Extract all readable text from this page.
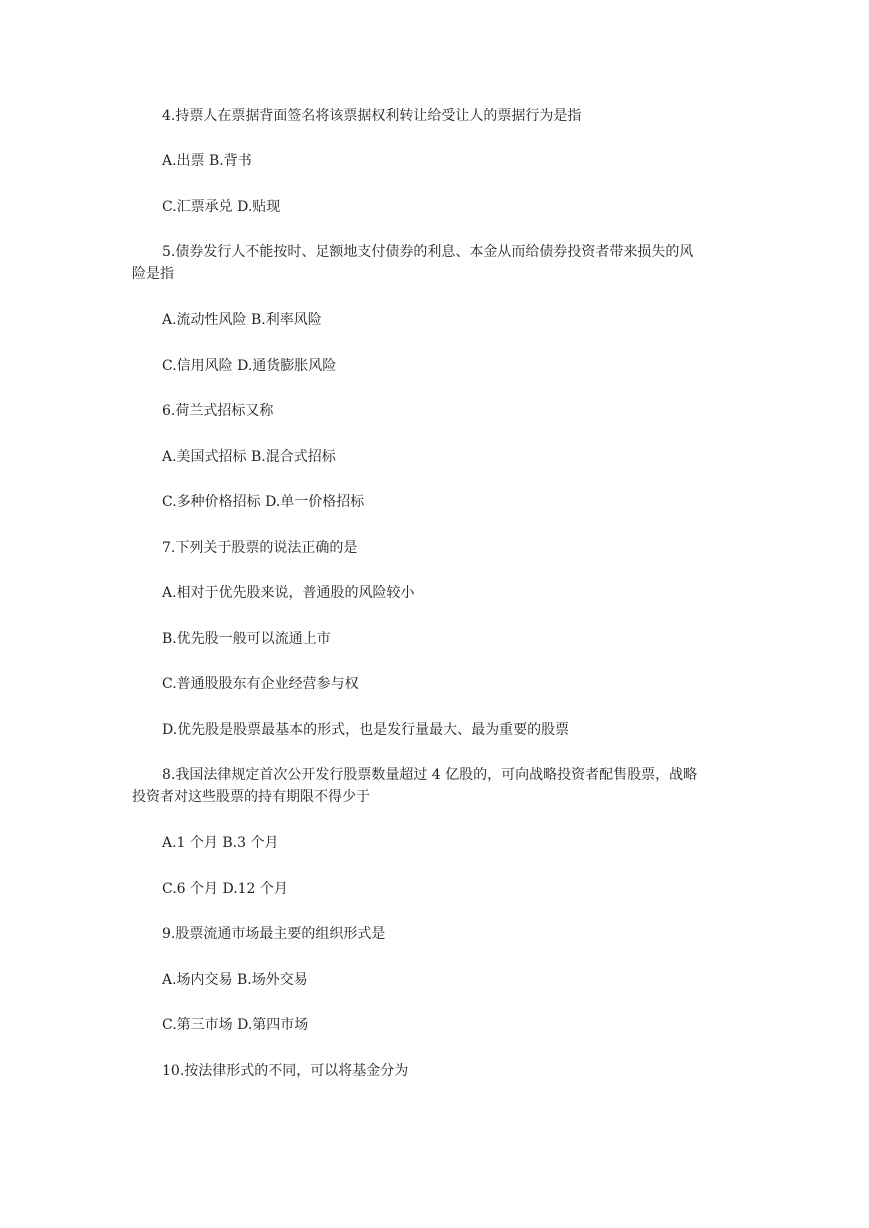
4.持票人在票据背面签名将该票据权利转让给受让人的票据行为是指

A.出票 B.背书

C.汇票承兑 D.贴现

5.债券发行人不能按时、足额地支付债券的利息、本金从而给债券投资者带来损失的风
险是指

A.流动性风险 B.利率风险

C.信用风险 D.通货膨胀风险

6.荷兰式招标又称

A.美国式招标 B.混合式招标

C.多种价格招标 D.单一价格招标

7.下列关于股票的说法正确的是

A.相对于优先股来说，普通股的风险较小

B.优先股一般可以流通上市

C.普通股股东有企业经营参与权

D.优先股是股票最基本的形式，也是发行量最大、最为重要的股票

8.我国法律规定首次公开发行股票数量超过 4 亿股的，可向战略投资者配售股票，战略
投资者对这些股票的持有期限不得少于

A.1 个月 B.3 个月

C.6 个月 D.12 个月

9.股票流通市场最主要的组织形式是

A.场内交易 B.场外交易

C.第三市场 D.第四市场

10.按法律形式的不同，可以将基金分为
